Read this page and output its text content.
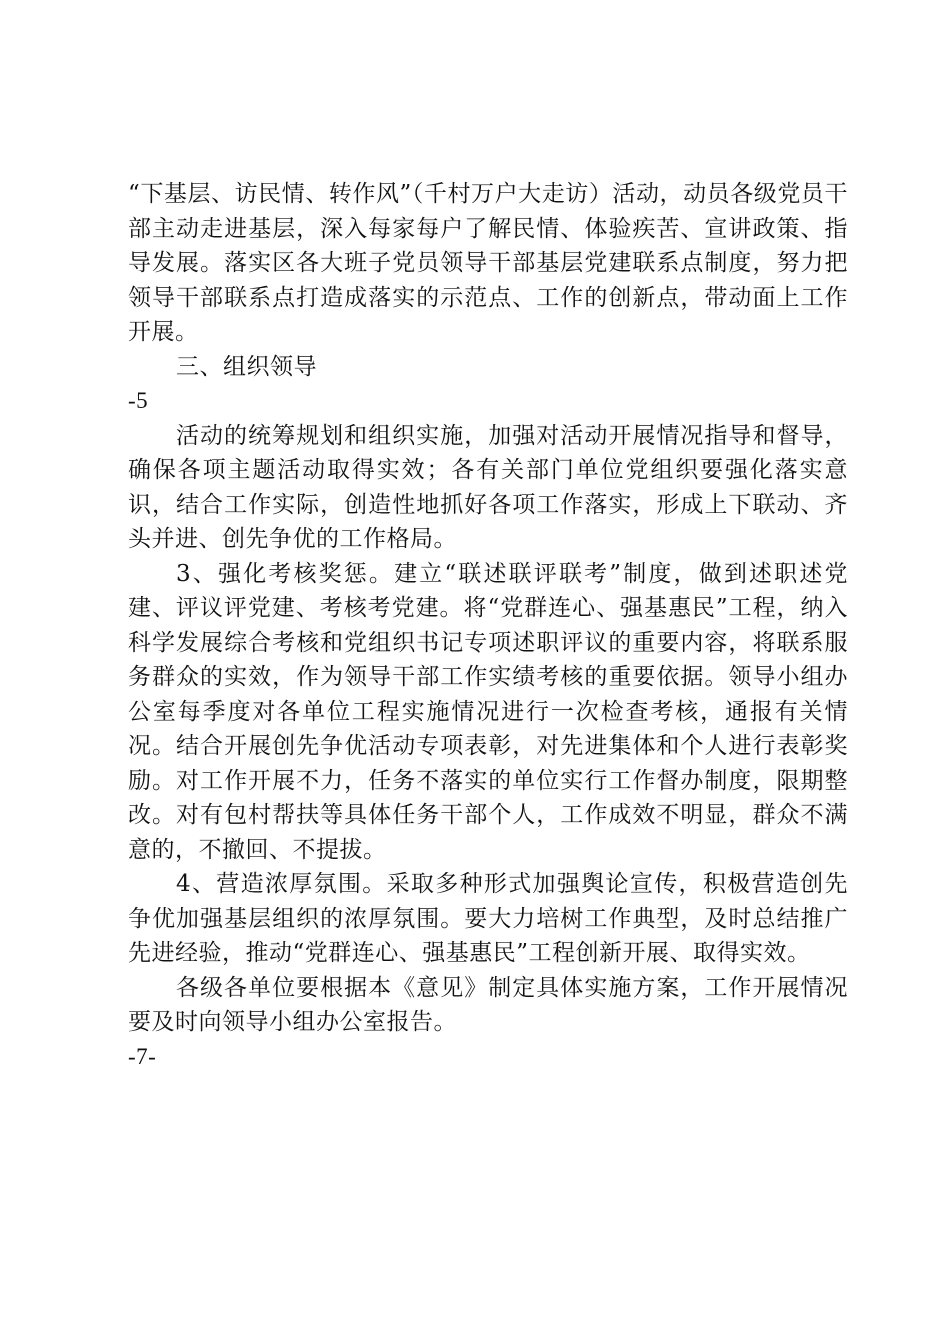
“下基层、访民情、转作风”（千村万户大走访）活动，动员各级党员干部主动走进基层，深入每家每户了解民情、体验疾苦、宣讲政策、指导发展。落实区各大班子党员领导干部基层党建联系点制度，努力把领导干部联系点打造成落实的示范点、工作的创新点，带动面上工作开展。

三、组织领导

-5

活动的统筹规划和组织实施，加强对活动开展情况指导和督导，确保各项主题活动取得实效；各有关部门单位党组织要强化落实意识，结合工作实际，创造性地抓好各项工作落实，形成上下联动、齐头并进、创先争优的工作格局。

3、强化考核奖惩。建立“联述联评联考”制度，做到述职述党建、评议评党建、考核考党建。将“党群连心、强基惠民”工程，纳入科学发展综合考核和党组织书记专项述职评议的重要内容，将联系服务群众的实效，作为领导干部工作实绩考核的重要依据。领导小组办公室每季度对各单位工程实施情况进行一次检查考核，通报有关情况。结合开展创先争优活动专项表彰，对先进集体和个人进行表彰奖励。对工作开展不力，任务不落实的单位实行工作督办制度，限期整改。对有包村帮扶等具体任务干部个人，工作成效不明显，群众不满意的，不撤回、不提拔。

4、营造浓厚氛围。采取多种形式加强舆论宣传，积极营造创先争优加强基层组织的浓厚氛围。要大力培树工作典型，及时总结推广先进经验，推动“党群连心、强基惠民”工程创新开展、取得实效。

各级各单位要根据本《意见》制定具体实施方案，工作开展情况要及时向领导小组办公室报告。

-7-
